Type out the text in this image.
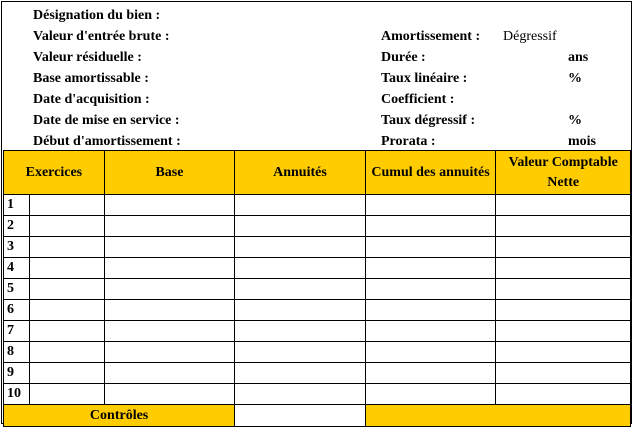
Désignation du bien :
Valeur d'entrée brute :
Valeur résiduelle :
Base amortissable :
Date d'acquisition :
Date de mise en service :
Début d'amortissement :
Amortissement : Dégressif
Durée :	ans
Taux linéaire :	%
Coefficient :
Taux dégressif :	%
Prorata :	mois
Exercices		Base	Annuités	Cumul des annuités	Valeur Comptable Nette
1					
2					
3					
4					
5					
6					
7					
8					
9					
10					
Contrôles					
